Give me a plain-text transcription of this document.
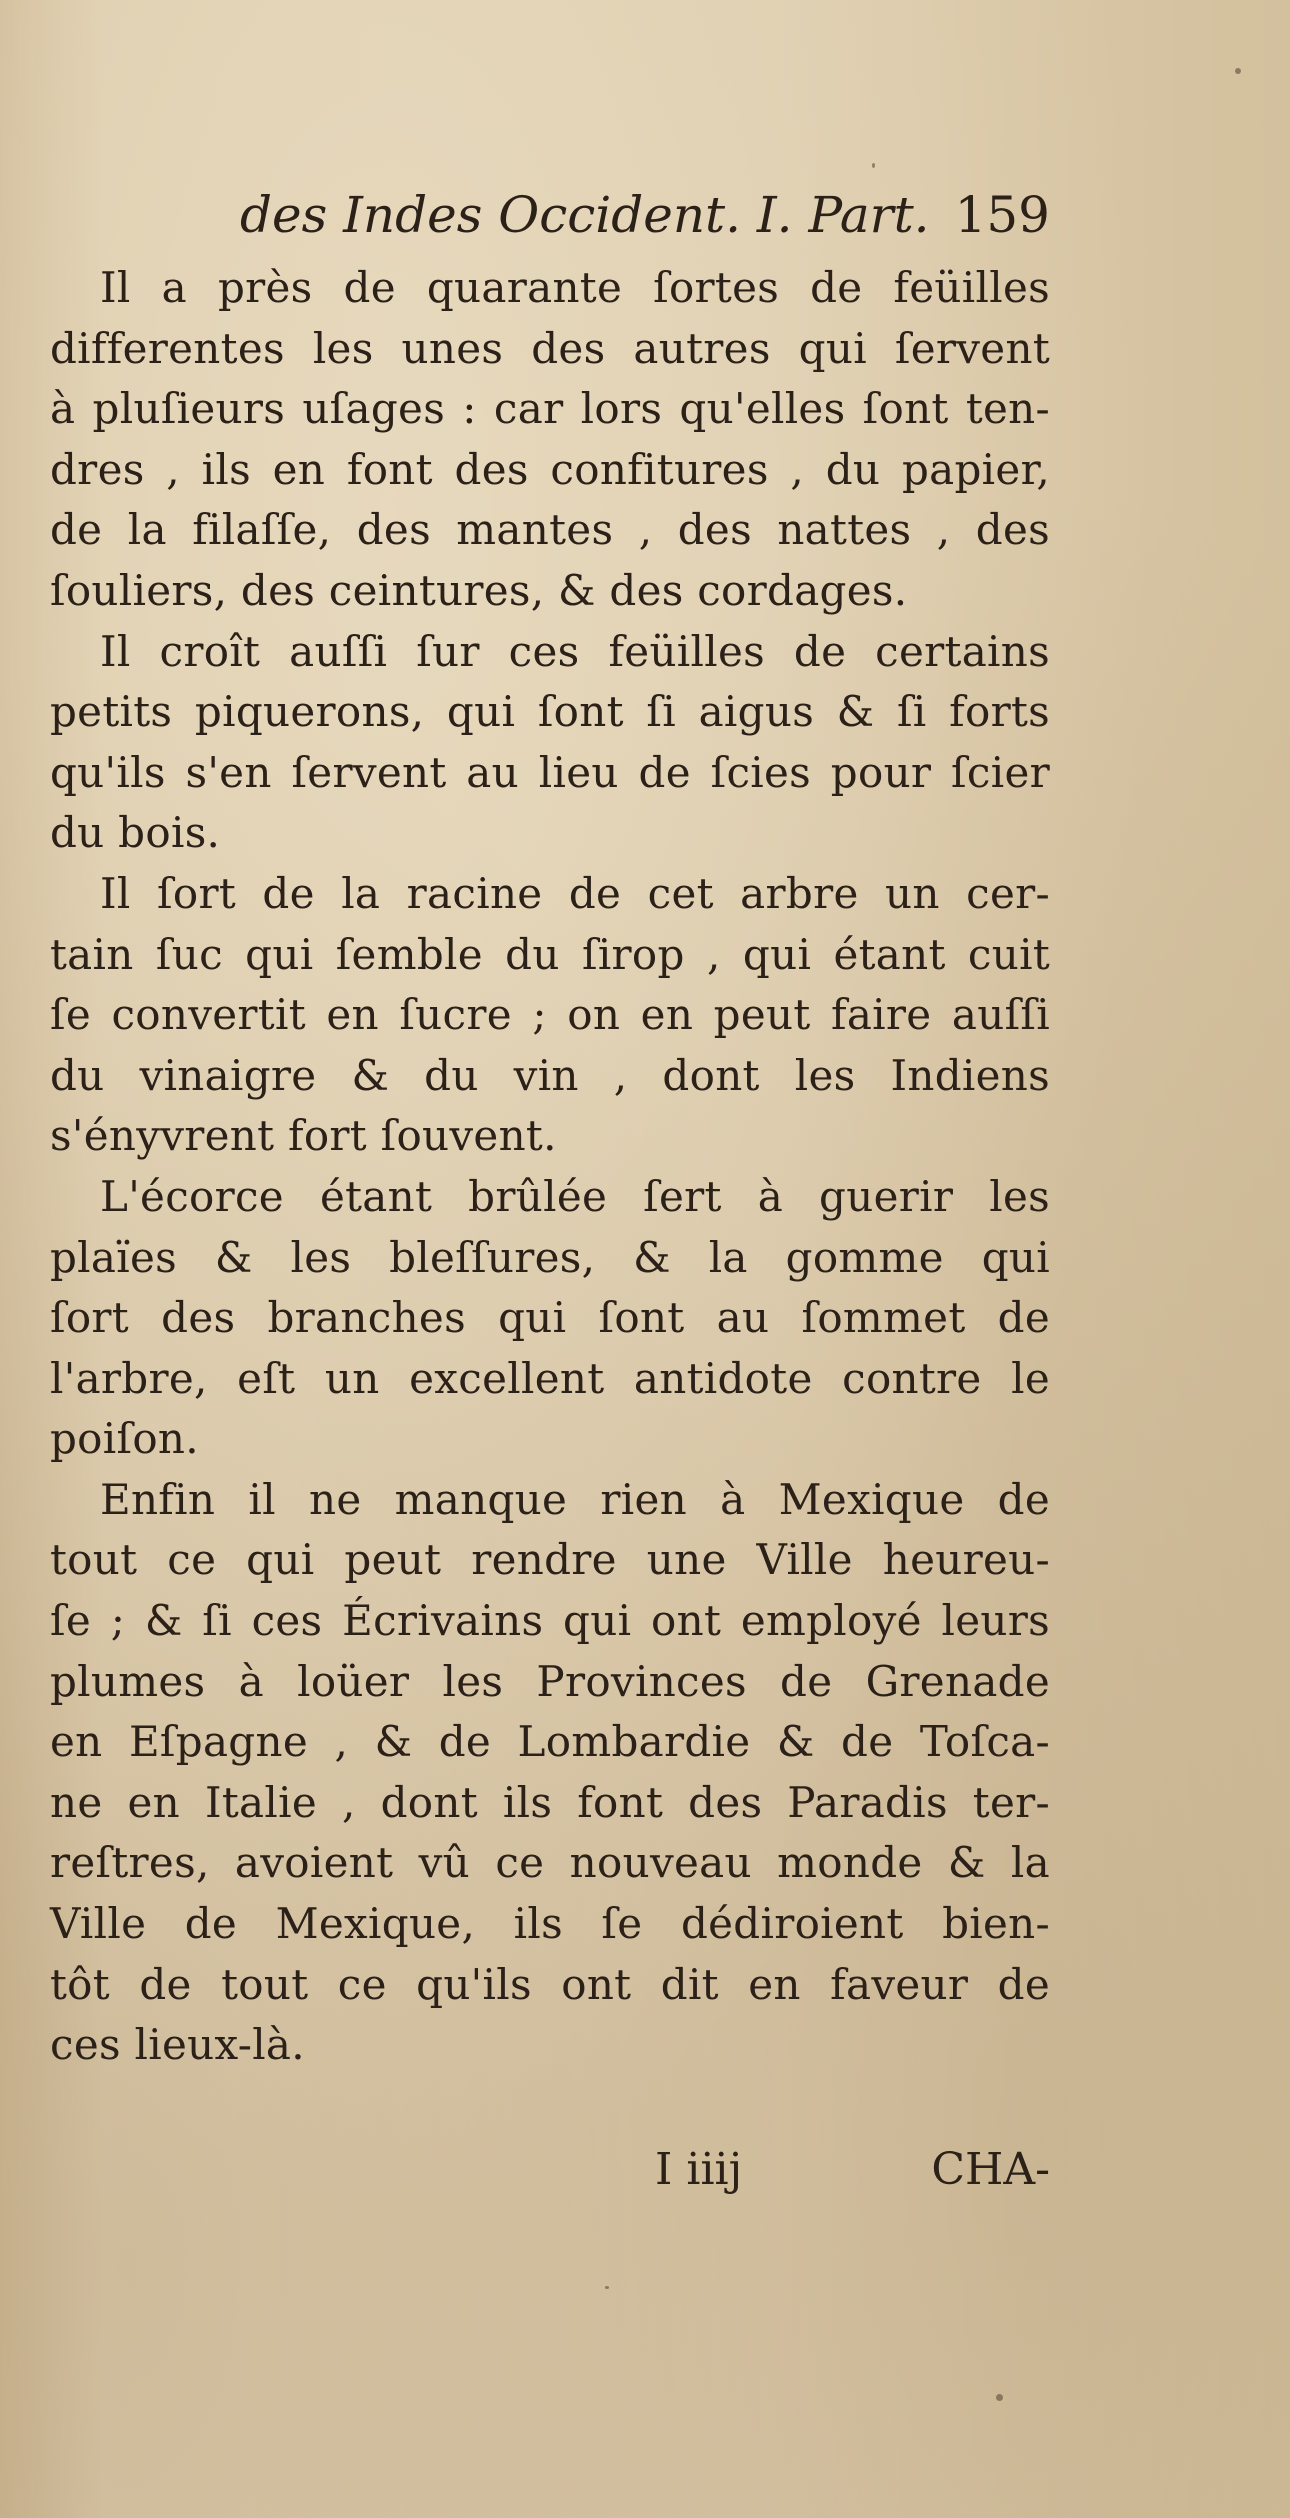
des Indes Occident. I. Part. 159
Il a près de quarante ſortes de feüilles
differentes les unes des autres qui ſervent
à pluſieurs uſages : car lors qu'elles ſont ten-
dres , ils en font des confitures , du papier,
de la filaſſe, des mantes , des nattes , des
ſouliers, des ceintures, & des cordages.
Il croît auſſi ſur ces feüilles de certains
petits piquerons, qui ſont ſi aigus & ſi forts
qu'ils s'en ſervent au lieu de ſcies pour ſcier
du bois.
Il ſort de la racine de cet arbre un cer-
tain ſuc qui ſemble du ſirop , qui étant cuit
ſe convertit en ſucre ; on en peut faire auſſi
du vinaigre & du vin , dont les Indiens
s'ényvrent fort ſouvent.
L'écorce étant brûlée ſert à guerir les
plaïes & les bleſſures, & la gomme qui
ſort des branches qui ſont au ſommet de
l'arbre, eſt un excellent antidote contre le
poiſon.
Enfin il ne manque rien à Mexique de
tout ce qui peut rendre une Ville heureu-
ſe ; & ſi ces Écrivains qui ont employé leurs
plumes à loüer les Provinces de Grenade
en Eſpagne , & de Lombardie & de Toſca-
ne en Italie , dont ils font des Paradis ter-
reſtres, avoient vû ce nouveau monde & la
Ville de Mexique, ils ſe dédiroient bien-
tôt de tout ce qu'ils ont dit en faveur de
ces lieux-là.
I iiij	CHA-
